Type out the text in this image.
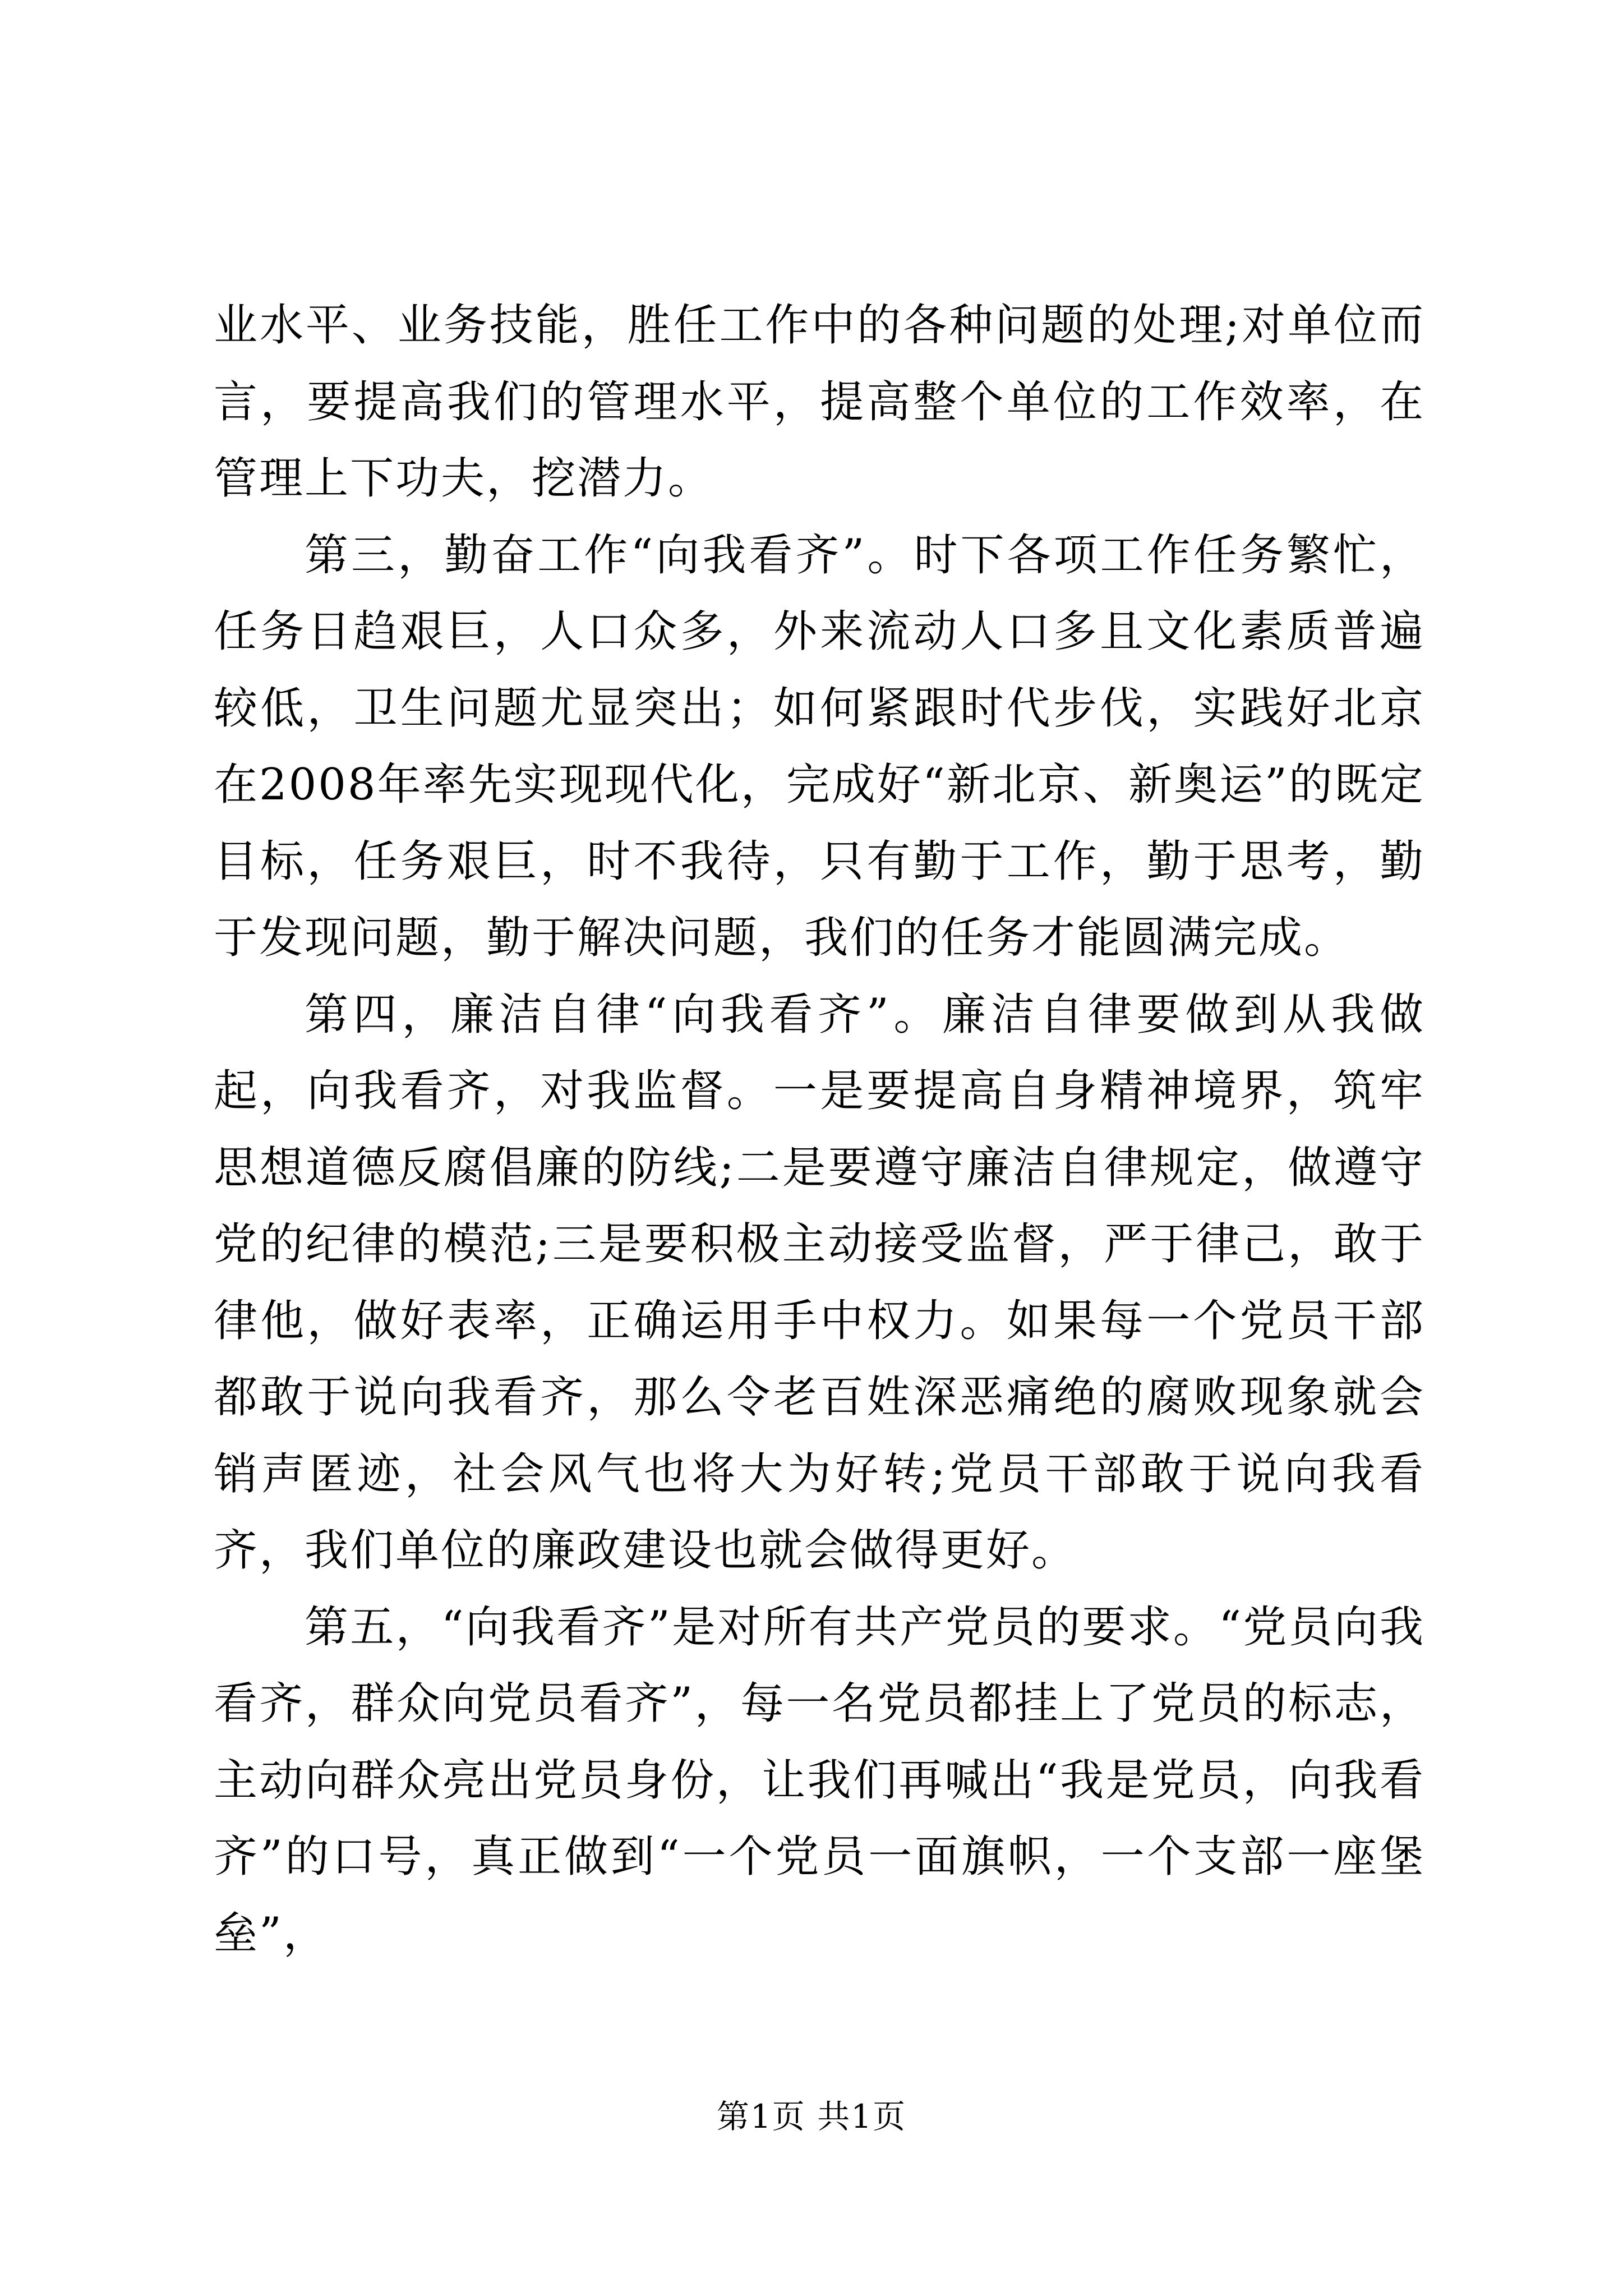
业水平、业务技能，胜任工作中的各种问题的处理;对单位而言，要提高我们的管理水平，提高整个单位的工作效率，在管理上下功夫，挖潜力。

第三，勤奋工作“向我看齐”。时下各项工作任务繁忙，任务日趋艰巨，人口众多，外来流动人口多且文化素质普遍较低，卫生问题尤显突出；如何紧跟时代步伐，实践好北京在2008年率先实现现代化，完成好“新北京、新奥运”的既定目标，任务艰巨，时不我待，只有勤于工作，勤于思考，勤于发现问题，勤于解决问题，我们的任务才能圆满完成。

第四，廉洁自律“向我看齐”。廉洁自律要做到从我做起，向我看齐，对我监督。一是要提高自身精神境界，筑牢思想道德反腐倡廉的防线;二是要遵守廉洁自律规定，做遵守党的纪律的模范;三是要积极主动接受监督，严于律己，敢于律他，做好表率，正确运用手中权力。如果每一个党员干部都敢于说向我看齐，那么令老百姓深恶痛绝的腐败现象就会销声匿迹，社会风气也将大为好转;党员干部敢于说向我看齐，我们单位的廉政建设也就会做得更好。

第五，“向我看齐”是对所有共产党员的要求。“党员向我看齐，群众向党员看齐”，每一名党员都挂上了党员的标志，主动向群众亮出党员身份，让我们再喊出“我是党员，向我看齐”的口号，真正做到“一个党员一面旗帜，一个支部一座堡垒”，

第1页 共1页
